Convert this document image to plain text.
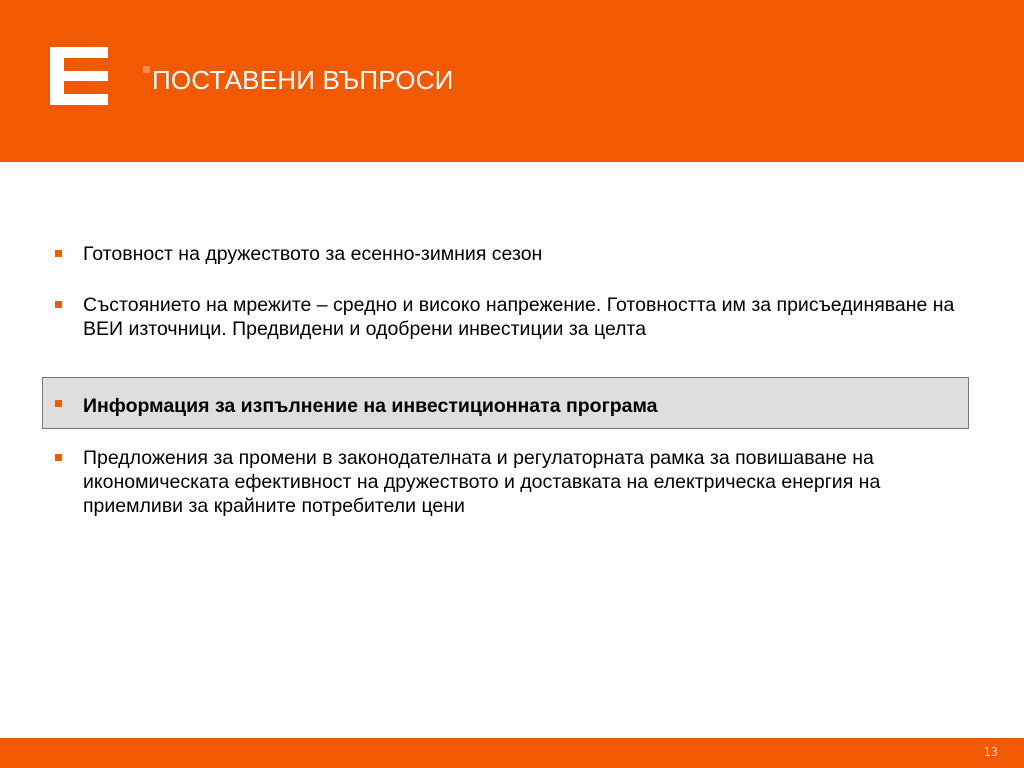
ПОСТАВЕНИ ВЪПРОСИ
Готовност на дружеството за есенно-зимния сезон
Състоянието на мрежите – средно и високо напрежение. Готовността им за присъединяване на ВЕИ източници. Предвидени и одобрени инвестиции за целта
Информация за изпълнение на инвестиционната програма
Предложения за промени в законодателната и регулаторната рамка за повишаване на икономическата ефективност на дружеството и доставката на електрическа енергия на приемливи за крайните потребители цени
13
